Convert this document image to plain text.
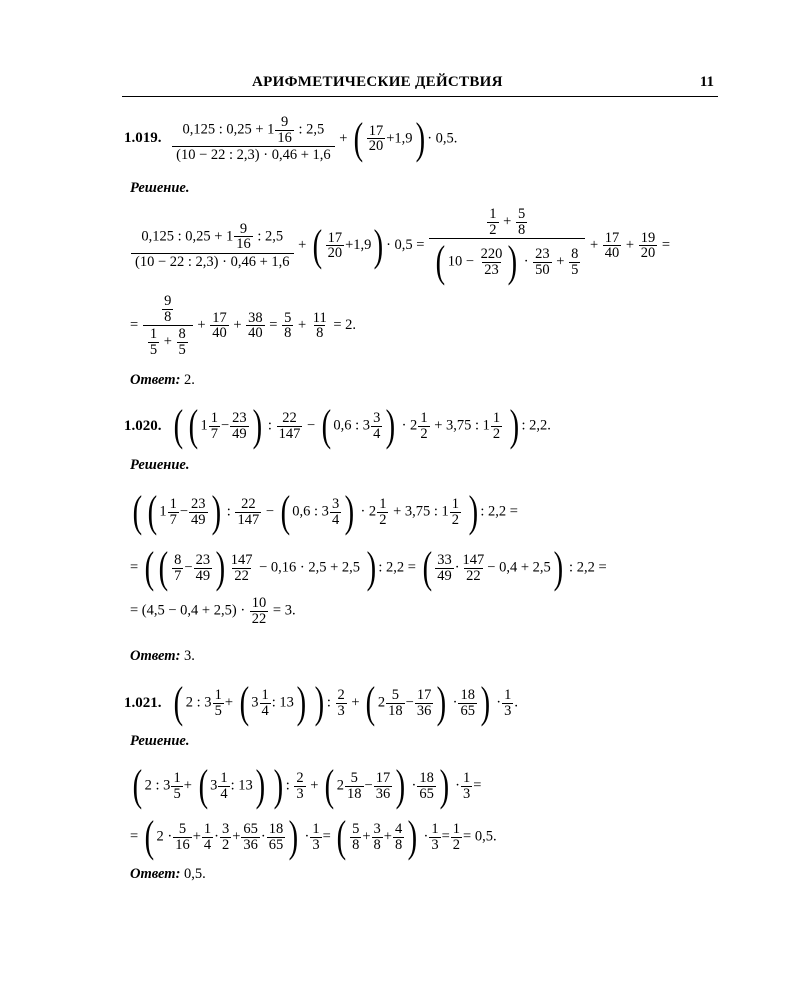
АРИФМЕТИЧЕСКИЕ ДЕЙСТВИЯ	11
1.019. $\frac{0,125 : 0,25 + 1 \frac{9}{16} : 2,5}{(10 - 22 : 2,3) \cdot 0,46 + 1,6}$ + ( $\frac{17}{20} +1,9) \cdot 0,5$.
Решение.
$\frac{0,125 : 0,25 + 1 \frac{9}{16} : 2,5}{(10 - 22 : 2,3) \cdot 0,46 + 1,6}$ + ( $\frac{17}{20} +1,9) \cdot 0,5 = \frac{\frac{1}{2} + \frac{5}{8}}{( 10 - \frac{220}{23} ) \cdot \frac{23}{50} + \frac{8}{5}} + \frac{17}{40} + \frac{19}{20}$ =
= $\frac{\frac{9}{8}}{\frac{1}{5} + \frac{8}{5}} + \frac{17}{40} + \frac{38}{40} = \frac{5}{8} + \frac{11}{8} = 2$.
Ответ: 2.
1.020. ( ( $1 \frac{1}{7} - \frac{23}{49}$ ) : $\frac{22}{147}$ − ( 0,6 : $3 \frac{3}{4}$ ) · $2 \frac{1}{2} + 3,75$ : $1 \frac{1}{2}$ ) : 2,2.
Решение.
( ( $1 \frac{1}{7} - \frac{23}{49}$ ) : $\frac{22}{147}$ − ( 0,6 : $3 \frac{3}{4}$ ) · $2 \frac{1}{2} + 3,75$ : $1 \frac{1}{2}$ ) : 2,2 =
= ( ( $\frac{8}{7} - \frac{23}{49}$ ) $\frac{147}{22} - 0,16 \cdot 2,5 + 2,5$ ) : 2,2 = ( $\frac{33}{49} \cdot \frac{147}{22} - 0,4 + 2,5$) : 2,2 =
= $(4,5 - 0,4 + 2,5) \cdot \frac{10}{22} = 3$.
Ответ: 3.
1.021. ( 2 : $3 \frac{1}{5}$ + ( $3 \frac{1}{4}$ : 13) ) : $\frac{2}{3}$ + ( $2 \frac{5}{18} - \frac{17}{36}$ ) · $\frac{18}{65}$ ) · $\frac{1}{3}$ .
Решение.
( 2 : $3 \frac{1}{5}$ + ( $3 \frac{1}{4}$ : 13) ) : $\frac{2}{3}$ + ( $2 \frac{5}{18} - \frac{17}{36}$ ) · $\frac{18}{65}$ ) · $\frac{1}{3}$ =
= ( $2 \cdot \frac{5}{16} + \frac{1}{4} \cdot \frac{3}{2} + \frac{65}{36} \cdot \frac{18}{65}$ ) · $\frac{1}{3}$ = ( $\frac{5}{8} + \frac{3}{8} + \frac{4}{8}$ ) · $\frac{1}{3} = \frac{1}{2} = 0,5$.
Ответ: 0,5.
